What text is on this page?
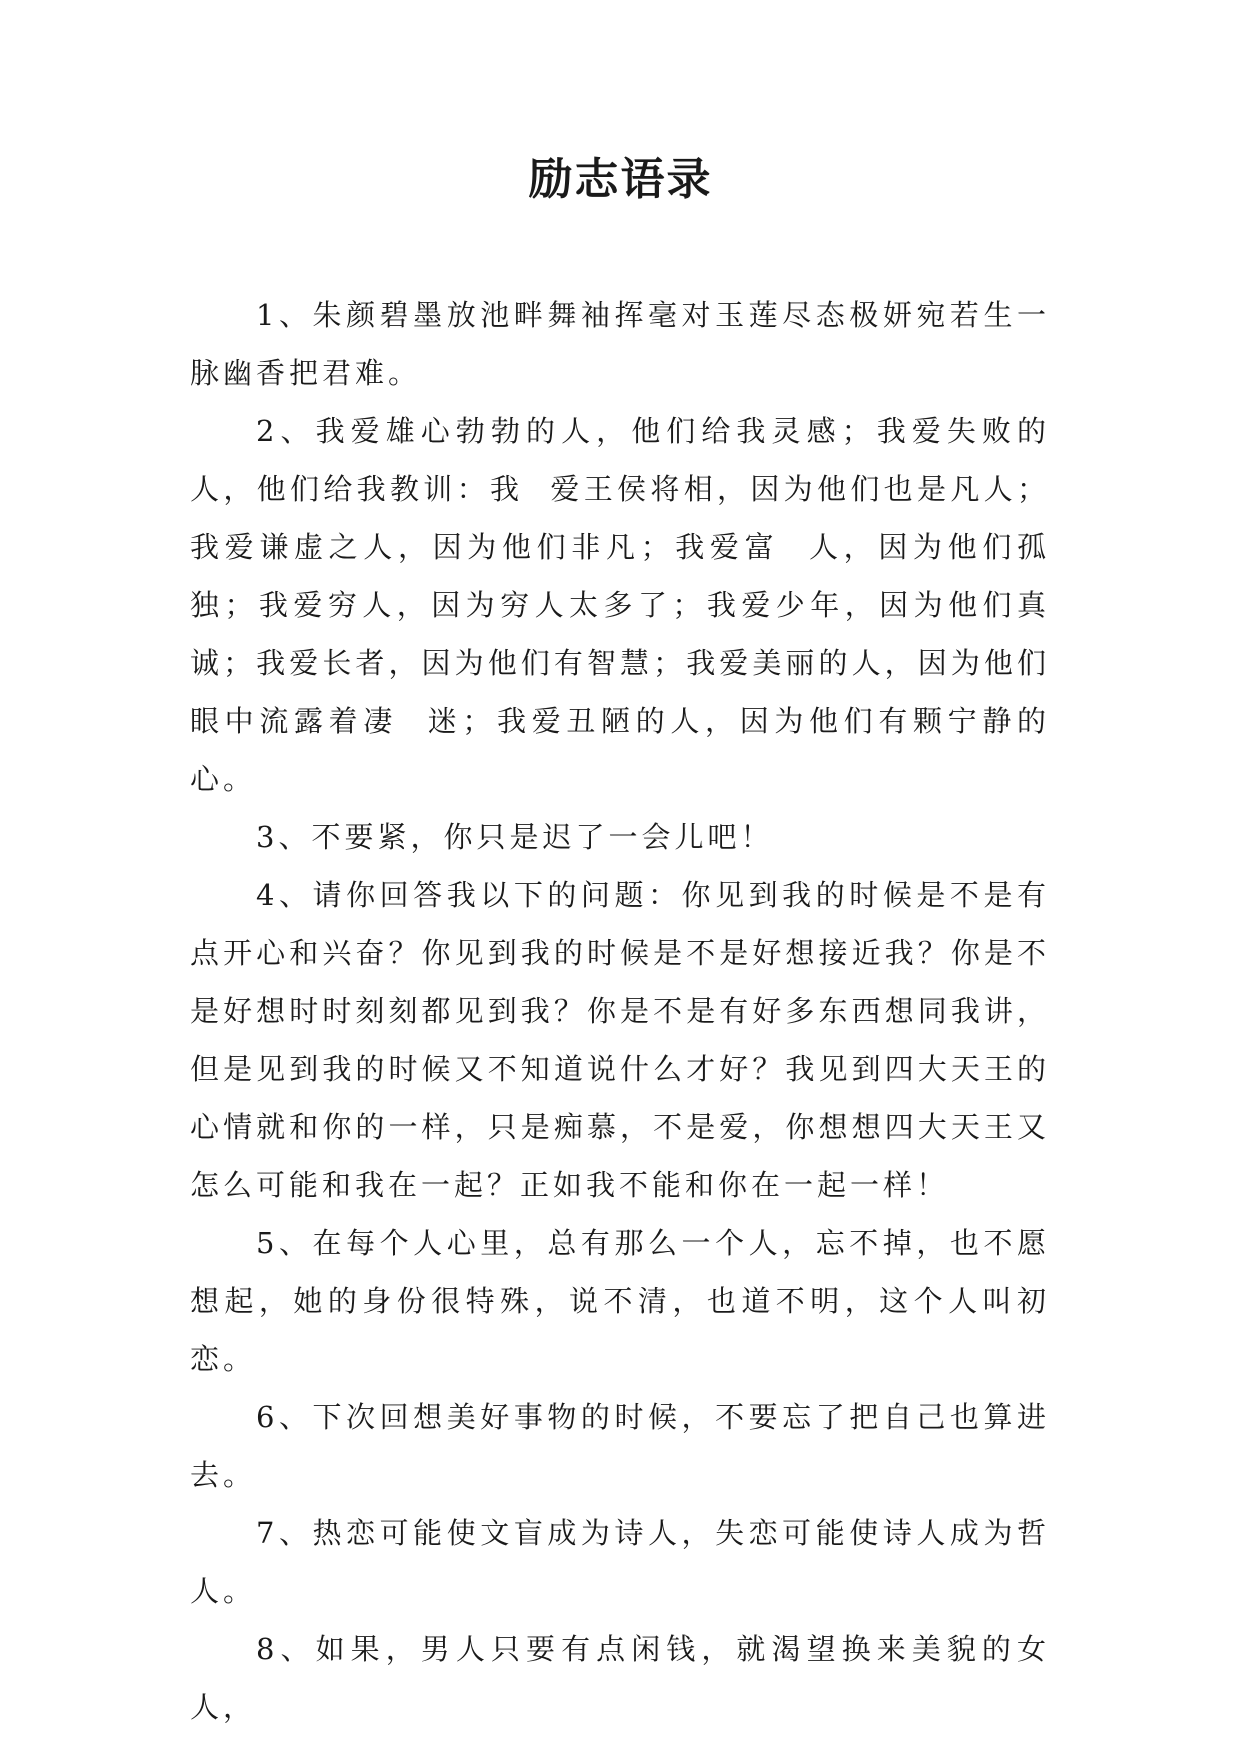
励志语录

1、朱颜碧墨放池畔舞袖挥毫对玉莲尽态极妍宛若生一脉幽香把君难。

2、我爱雄心勃勃的人，他们给我灵感；我爱失败的人，他们给我教训：我  爱王侯将相，因为他们也是凡人；我爱谦虚之人，因为他们非凡；我爱富  人，因为他们孤独；我爱穷人，因为穷人太多了；我爱少年，因为他们真  诚；我爱长者，因为他们有智慧；我爱美丽的人，因为他们眼中流露着凄  迷；我爱丑陋的人，因为他们有颗宁静的心。

3、不要紧，你只是迟了一会儿吧！

4、请你回答我以下的问题：你见到我的时候是不是有点开心和兴奋？你见到我的时候是不是好想接近我？你是不是好想时时刻刻都见到我？你是不是有好多东西想同我讲，但是见到我的时候又不知道说什么才好？我见到四大天王的心情就和你的一样，只是痴慕，不是爱，你想想四大天王又怎么可能和我在一起？正如我不能和你在一起一样！

5、在每个人心里，总有那么一个人，忘不掉，也不愿想起，她的身份很特殊，说不清，也道不明，这个人叫初恋。

6、下次回想美好事物的时候，不要忘了把自己也算进去。

7、热恋可能使文盲成为诗人，失恋可能使诗人成为哲人。

8、如果，男人只要有点闲钱，就渴望换来美貌的女人，
